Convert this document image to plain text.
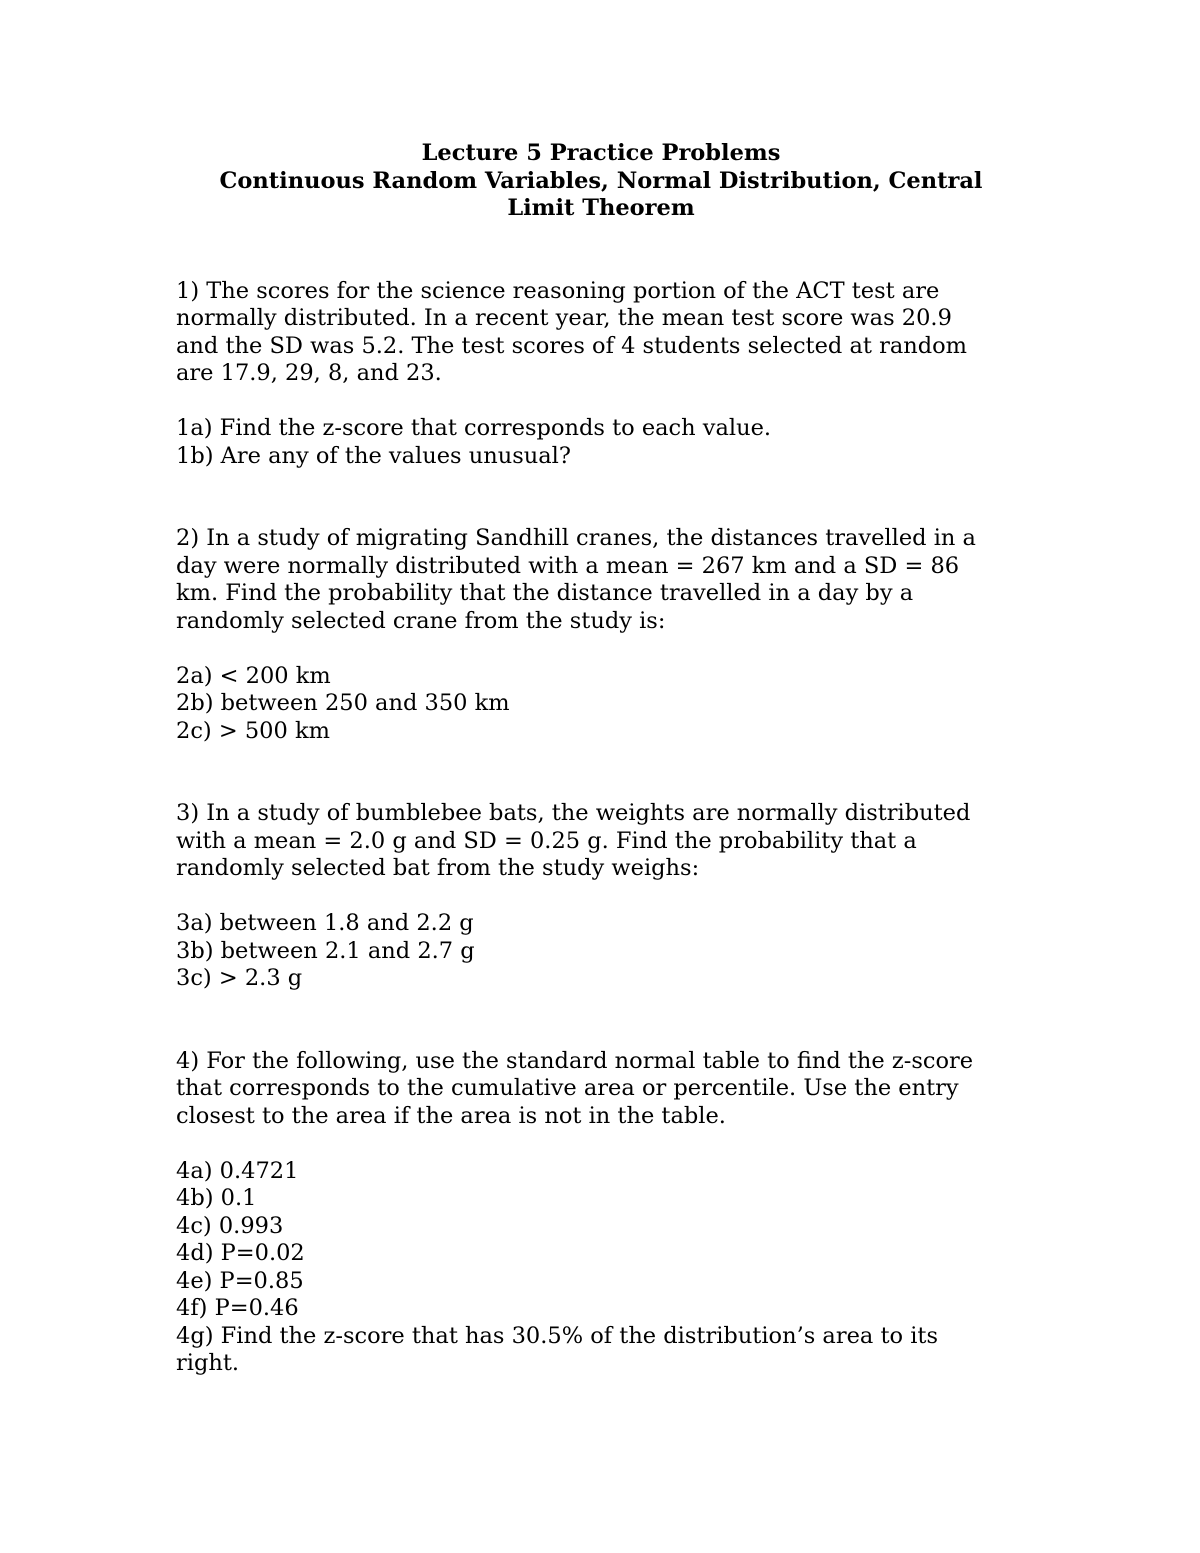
Lecture 5 Practice Problems
Continuous Random Variables, Normal Distribution, Central
Limit Theorem
1) The scores for the science reasoning portion of the ACT test are
normally distributed. In a recent year, the mean test score was 20.9
and the SD was 5.2. The test scores of 4 students selected at random
are 17.9, 29, 8, and 23.
1a) Find the z-score that corresponds to each value.
1b) Are any of the values unusual?
2) In a study of migrating Sandhill cranes, the distances travelled in a
day were normally distributed with a mean = 267 km and a SD = 86
km. Find the probability that the distance travelled in a day by a
randomly selected crane from the study is:
2a) < 200 km
2b) between 250 and 350 km
2c) > 500 km
3) In a study of bumblebee bats, the weights are normally distributed
with a mean = 2.0 g and SD = 0.25 g. Find the probability that a
randomly selected bat from the study weighs:
3a) between 1.8 and 2.2 g
3b) between 2.1 and 2.7 g
3c) > 2.3 g
4) For the following, use the standard normal table to find the z-score
that corresponds to the cumulative area or percentile. Use the entry
closest to the area if the area is not in the table.
4a) 0.4721
4b) 0.1
4c) 0.993
4d) P=0.02
4e) P=0.85
4f) P=0.46
4g) Find the z-score that has 30.5% of the distribution’s area to its
right.
